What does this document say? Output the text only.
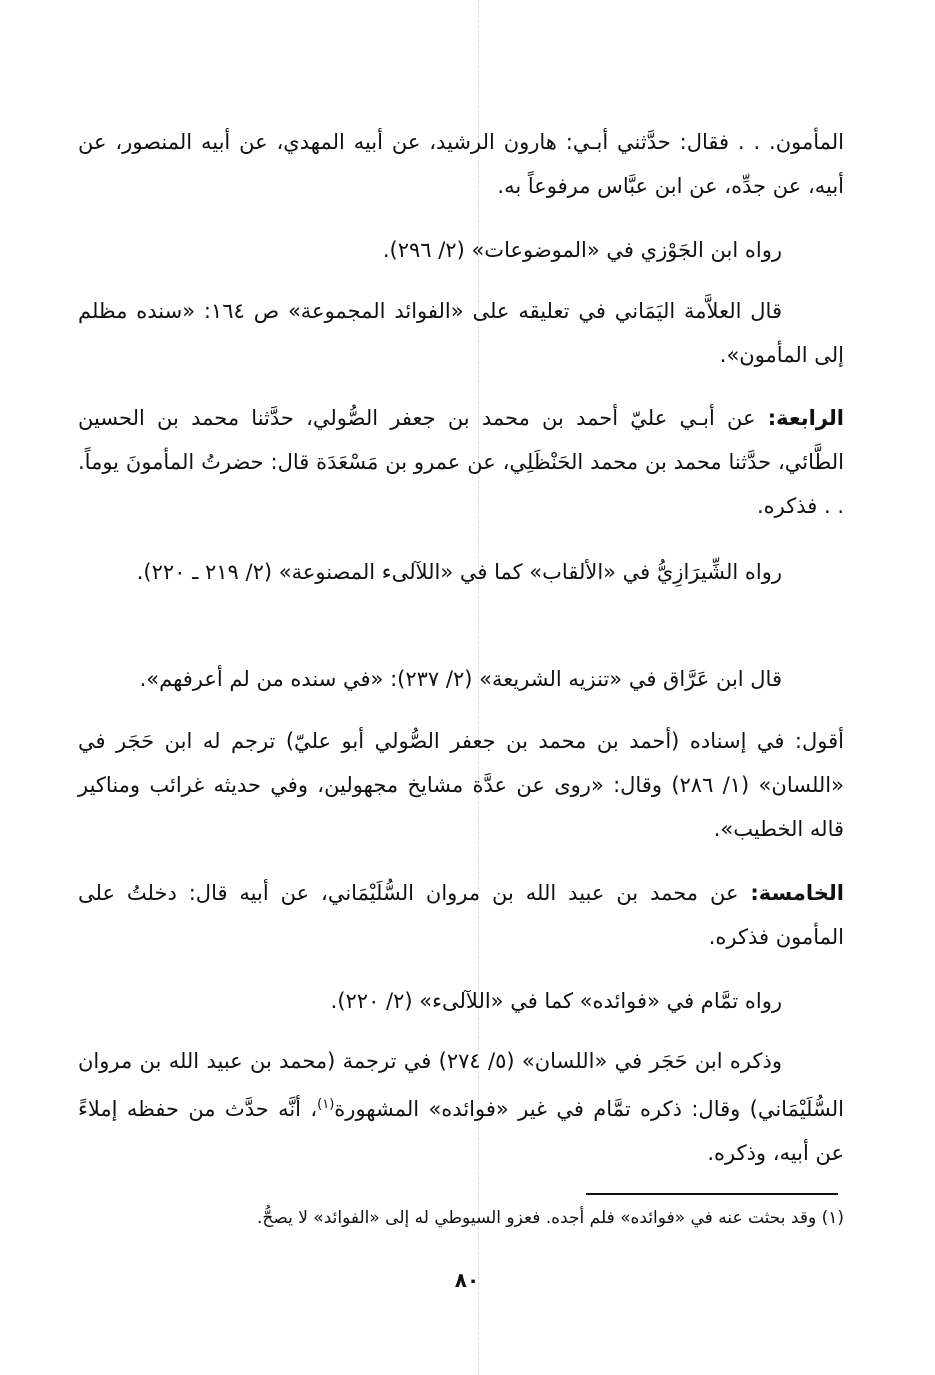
المأمون. . . فقال: حدَّثني أبـي: هارون الرشيد، عن أبيه المهدي، عن أبيه المنصور، عن أبيه، عن جدِّه، عن ابن عبَّاس مرفوعاً به.

رواه ابن الجَوْزي في «الموضوعات» (٢/ ٢٩٦).

قال العلاَّمة اليَمَاني في تعليقه على «الفوائد المجموعة» ص ١٦٤: «سنده مظلم إلى المأمون».

الرابعة: عن أبـي عليّ أحمد بن محمد بن جعفر الصُّولي، حدَّثنا محمد بن الحسين الطَّائي، حدَّثنا محمد بن محمد الحَنْظَلِي، عن عمرو بن مَسْعَدَة قال: حضرتُ المأمونَ يوماً. . . فذكره.

رواه الشِّيرَازِيُّ في «الألقاب» كما في «اللآلىء المصنوعة» (٢/ ٢١٩ ـ ٢٢٠).

قال ابن عَرَّاق في «تنزيه الشريعة» (٢/ ٢٣٧): «في سنده من لم أعرفهم».

أقول: في إسناده (أحمد بن محمد بن جعفر الصُّولي أبو عليّ) ترجم له ابن حَجَر في «اللسان» (١/ ٢٨٦) وقال: «روى عن عدَّة مشايخ مجهولين، وفي حديثه غرائب ومناكير قاله الخطيب».

الخامسة: عن محمد بن عبيد الله بن مروان السُّلَيْمَاني، عن أبيه قال: دخلتُ على المأمون فذكره.

رواه تمَّام في «فوائده» كما في «اللآلىء» (٢/ ٢٢٠).

وذكره ابن حَجَر في «اللسان» (٥/ ٢٧٤) في ترجمة (محمد بن عبيد الله بن مروان السُّلَيْمَاني) وقال: ذكره تمَّام في غير «فوائده» المشهورة$^{(١)}$، أنَّه حدَّث من حفظه إملاءً عن أبيه، وذكره.

(١) وقد بحثت عنه في «فوائده» فلم أجده. فعزو السيوطي له إلى «الفوائد» لا يصحُّ.

٨٠
